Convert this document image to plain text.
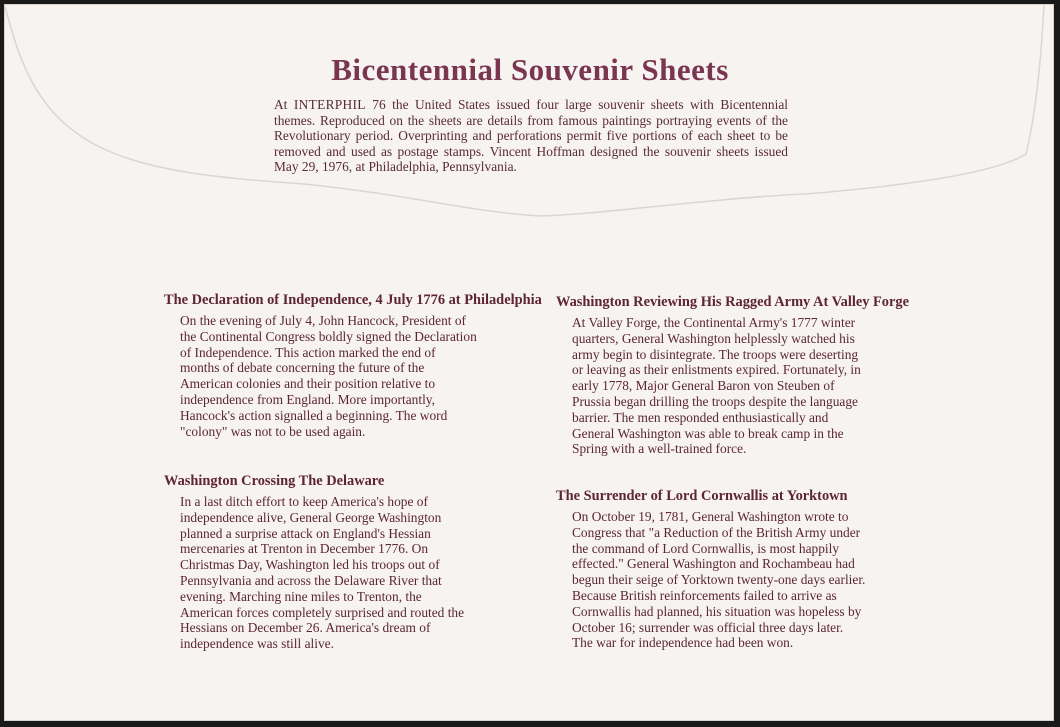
Bicentennial Souvenir Sheets

At INTERPHIL 76 the United States issued four large souvenir sheets with Bicentennial themes. Reproduced on the sheets are details from famous paintings portraying events of the Revolutionary period. Overprinting and perforations permit five portions of each sheet to be removed and used as postage stamps. Vincent Hoffman designed the souvenir sheets issued May 29, 1976, at Philadelphia, Pennsylvania.

The Declaration of Independence, 4 July 1776 at Philadelphia

On the evening of July 4, John Hancock, President of
the Continental Congress boldly signed the Declaration
of Independence. This action marked the end of
months of debate concerning the future of the
American colonies and their position relative to
independence from England. More importantly,
Hancock's action signalled a beginning. The word
"colony" was not to be used again.

Washington Crossing The Delaware

In a last ditch effort to keep America's hope of
independence alive, General George Washington
planned a surprise attack on England's Hessian
mercenaries at Trenton in December 1776. On
Christmas Day, Washington led his troops out of
Pennsylvania and across the Delaware River that
evening. Marching nine miles to Trenton, the
American forces completely surprised and routed the
Hessians on December 26. America's dream of
independence was still alive.

Washington Reviewing His Ragged Army At Valley Forge

At Valley Forge, the Continental Army's 1777 winter
quarters, General Washington helplessly watched his
army begin to disintegrate. The troops were deserting
or leaving as their enlistments expired. Fortunately, in
early 1778, Major General Baron von Steuben of
Prussia began drilling the troops despite the language
barrier. The men responded enthusiastically and
General Washington was able to break camp in the
Spring with a well-trained force.

The Surrender of Lord Cornwallis at Yorktown

On October 19, 1781, General Washington wrote to
Congress that "a Reduction of the British Army under
the command of Lord Cornwallis, is most happily
effected." General Washington and Rochambeau had
begun their seige of Yorktown twenty-one days earlier.
Because British reinforcements failed to arrive as
Cornwallis had planned, his situation was hopeless by
October 16; surrender was official three days later.
The war for independence had been won.
